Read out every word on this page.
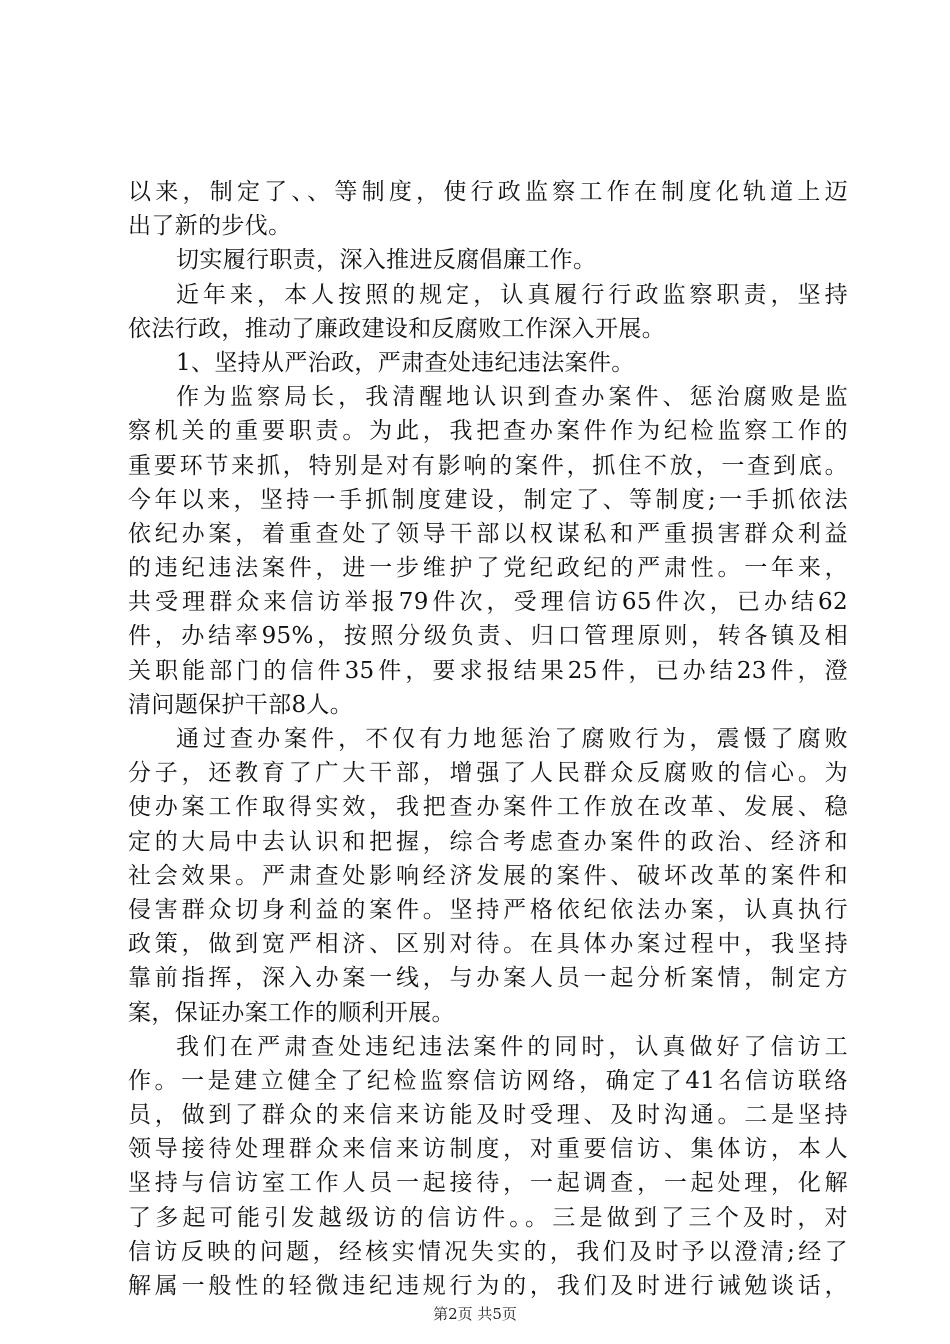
以来，制定了、、等制度，使行政监察工作在制度化轨道上迈
出了新的步伐。
切实履行职责，深入推进反腐倡廉工作。
近年来，本人按照的规定，认真履行行政监察职责，坚持
依法行政，推动了廉政建设和反腐败工作深入开展。
1、坚持从严治政，严肃查处违纪违法案件。
作为监察局长，我清醒地认识到查办案件、惩治腐败是监
察机关的重要职责。为此，我把查办案件作为纪检监察工作的
重要环节来抓，特别是对有影响的案件，抓住不放，一查到底。
今年以来，坚持一手抓制度建设，制定了、等制度;一手抓依法
依纪办案，着重查处了领导干部以权谋私和严重损害群众利益
的违纪违法案件，进一步维护了党纪政纪的严肃性。一年来，
共受理群众来信访举报79件次，受理信访65件次，已办结62
件，办结率95%，按照分级负责、归口管理原则，转各镇及相
关职能部门的信件35件，要求报结果25件，已办结23件，澄
清问题保护干部8人。
通过查办案件，不仅有力地惩治了腐败行为，震慑了腐败
分子，还教育了广大干部，增强了人民群众反腐败的信心。为
使办案工作取得实效，我把查办案件工作放在改革、发展、稳
定的大局中去认识和把握，综合考虑查办案件的政治、经济和
社会效果。严肃查处影响经济发展的案件、破坏改革的案件和
侵害群众切身利益的案件。坚持严格依纪依法办案，认真执行
政策，做到宽严相济、区别对待。在具体办案过程中，我坚持
靠前指挥，深入办案一线，与办案人员一起分析案情，制定方
案，保证办案工作的顺利开展。
我们在严肃查处违纪违法案件的同时，认真做好了信访工
作。一是建立健全了纪检监察信访网络，确定了41名信访联络
员，做到了群众的来信来访能及时受理、及时沟通。二是坚持
领导接待处理群众来信来访制度，对重要信访、集体访，本人
坚持与信访室工作人员一起接待，一起调查，一起处理，化解
了多起可能引发越级访的信访件。。三是做到了三个及时，对
信访反映的问题，经核实情况失实的，我们及时予以澄清;经了
解属一般性的轻微违纪违规行为的，我们及时进行诫勉谈话，
第2页 共5页
